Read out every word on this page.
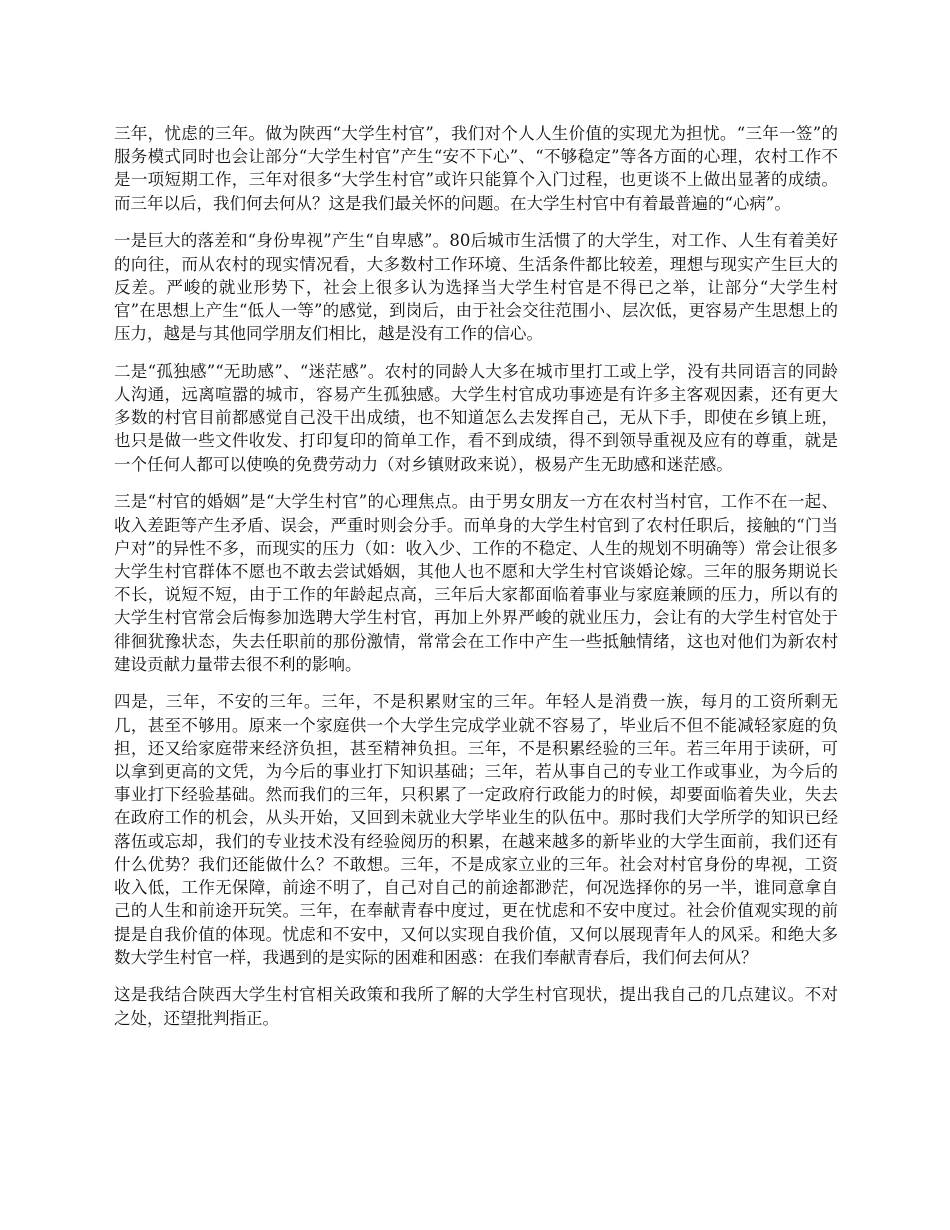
三年，忧虑的三年。做为陕西“大学生村官”，我们对个人人生价值的实现尤为担忧。“三年一签”的服务模式同时也会让部分“大学生村官”产生“安不下心”、“不够稳定”等各方面的心理，农村工作不是一项短期工作，三年对很多“大学生村官”或许只能算个入门过程，也更谈不上做出显著的成绩。而三年以后，我们何去何从？这是我们最关怀的问题。在大学生村官中有着最普遍的“心病”。

一是巨大的落差和“身份卑视”产生“自卑感”。80后城市生活惯了的大学生，对工作、人生有着美好的向往，而从农村的现实情况看，大多数村工作环境、生活条件都比较差，理想与现实产生巨大的反差。严峻的就业形势下，社会上很多认为选择当大学生村官是不得已之举，让部分“大学生村官”在思想上产生“低人一等”的感觉，到岗后，由于社会交往范围小、层次低，更容易产生思想上的压力，越是与其他同学朋友们相比，越是没有工作的信心。

二是“孤独感”“无助感”、“迷茫感”。农村的同龄人大多在城市里打工或上学，没有共同语言的同龄人沟通，远离喧嚣的城市，容易产生孤独感。大学生村官成功事迹是有许多主客观因素，还有更大多数的村官目前都感觉自己没干出成绩，也不知道怎么去发挥自己，无从下手，即使在乡镇上班，也只是做一些文件收发、打印复印的简单工作，看不到成绩，得不到领导重视及应有的尊重，就是一个任何人都可以使唤的免费劳动力（对乡镇财政来说），极易产生无助感和迷茫感。

三是“村官的婚姻”是“大学生村官”的心理焦点。由于男女朋友一方在农村当村官，工作不在一起、收入差距等产生矛盾、误会，严重时则会分手。而单身的大学生村官到了农村任职后，接触的“门当户对”的异性不多，而现实的压力（如：收入少、工作的不稳定、人生的规划不明确等）常会让很多大学生村官群体不愿也不敢去尝试婚姻，其他人也不愿和大学生村官谈婚论嫁。三年的服务期说长不长，说短不短，由于工作的年龄起点高，三年后大家都面临着事业与家庭兼顾的压力，所以有的大学生村官常会后悔参加选聘大学生村官，再加上外界严峻的就业压力，会让有的大学生村官处于徘徊犹豫状态，失去任职前的那份激情，常常会在工作中产生一些抵触情绪，这也对他们为新农村建设贡献力量带去很不利的影响。

四是，三年，不安的三年。三年，不是积累财宝的三年。年轻人是消费一族，每月的工资所剩无几，甚至不够用。原来一个家庭供一个大学生完成学业就不容易了，毕业后不但不能减轻家庭的负担，还又给家庭带来经济负担，甚至精神负担。三年，不是积累经验的三年。若三年用于读研，可以拿到更高的文凭，为今后的事业打下知识基础；三年，若从事自己的专业工作或事业，为今后的事业打下经验基础。然而我们的三年，只积累了一定政府行政能力的时候，却要面临着失业，失去在政府工作的机会，从头开始，又回到未就业大学毕业生的队伍中。那时我们大学所学的知识已经落伍或忘却，我们的专业技术没有经验阅历的积累，在越来越多的新毕业的大学生面前，我们还有什么优势？我们还能做什么？不敢想。三年，不是成家立业的三年。社会对村官身份的卑视，工资收入低，工作无保障，前途不明了，自己对自己的前途都渺茫，何况选择你的另一半，谁同意拿自己的人生和前途开玩笑。三年，在奉献青春中度过，更在忧虑和不安中度过。社会价值观实现的前提是自我价值的体现。忧虑和不安中，又何以实现自我价值，又何以展现青年人的风采。和绝大多数大学生村官一样，我遇到的是实际的困难和困惑：在我们奉献青春后，我们何去何从？

这是我结合陕西大学生村官相关政策和我所了解的大学生村官现状，提出我自己的几点建议。不对之处，还望批判指正。
